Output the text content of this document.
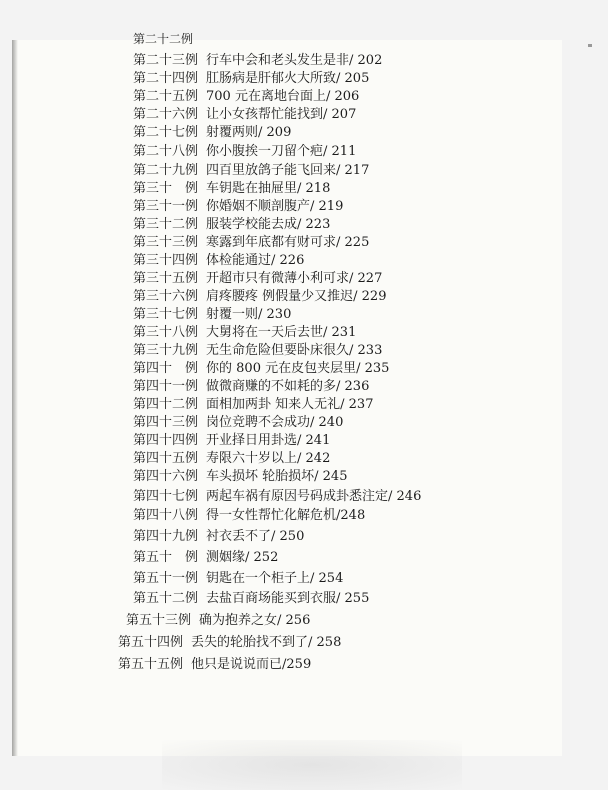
第二十二例
第二十三例 行车中会和老头发生是非/ 202
第二十四例 肛肠病是肝郁火大所致/ 205
第二十五例 700 元在离地台面上/ 206
第二十六例 让小女孩帮忙能找到/ 207
第二十七例 射覆两则/ 209
第二十八例 你小腹挨一刀留个疤/ 211
第二十九例 四百里放鸽子能飞回来/ 217
第三十　例 车钥匙在抽屉里/ 218
第三十一例 你婚姻不顺剖腹产/ 219
第三十二例 服装学校能去成/ 223
第三十三例 寒露到年底都有财可求/ 225
第三十四例 体检能通过/ 226
第三十五例 开超市只有微薄小利可求/ 227
第三十六例 肩疼腰疼 例假量少又推迟/ 229
第三十七例 射覆一则/ 230
第三十八例 大舅将在一天后去世/ 231
第三十九例 无生命危险但要卧床很久/ 233
第四十　例 你的 800 元在皮包夹层里/ 235
第四十一例 做微商赚的不如耗的多/ 236
第四十二例 面相加两卦 知来人无礼/ 237
第四十三例 岗位竞聘不会成功/ 240
第四十四例 开业择日用卦选/ 241
第四十五例 寿限六十岁以上/ 242
第四十六例 车头损坏 轮胎损坏/ 245
第四十七例 两起车祸有原因号码成卦悉注定/ 246
第四十八例 得一女性帮忙化解危机/248
第四十九例 衬衣丢不了/ 250
第五十　例 测姻缘/ 252
第五十一例 钥匙在一个柜子上/ 254
第五十二例 去盐百商场能买到衣服/ 255
第五十三例 确为抱养之女/ 256
第五十四例 丢失的轮胎找不到了/ 258
第五十五例 他只是说说而已/259
